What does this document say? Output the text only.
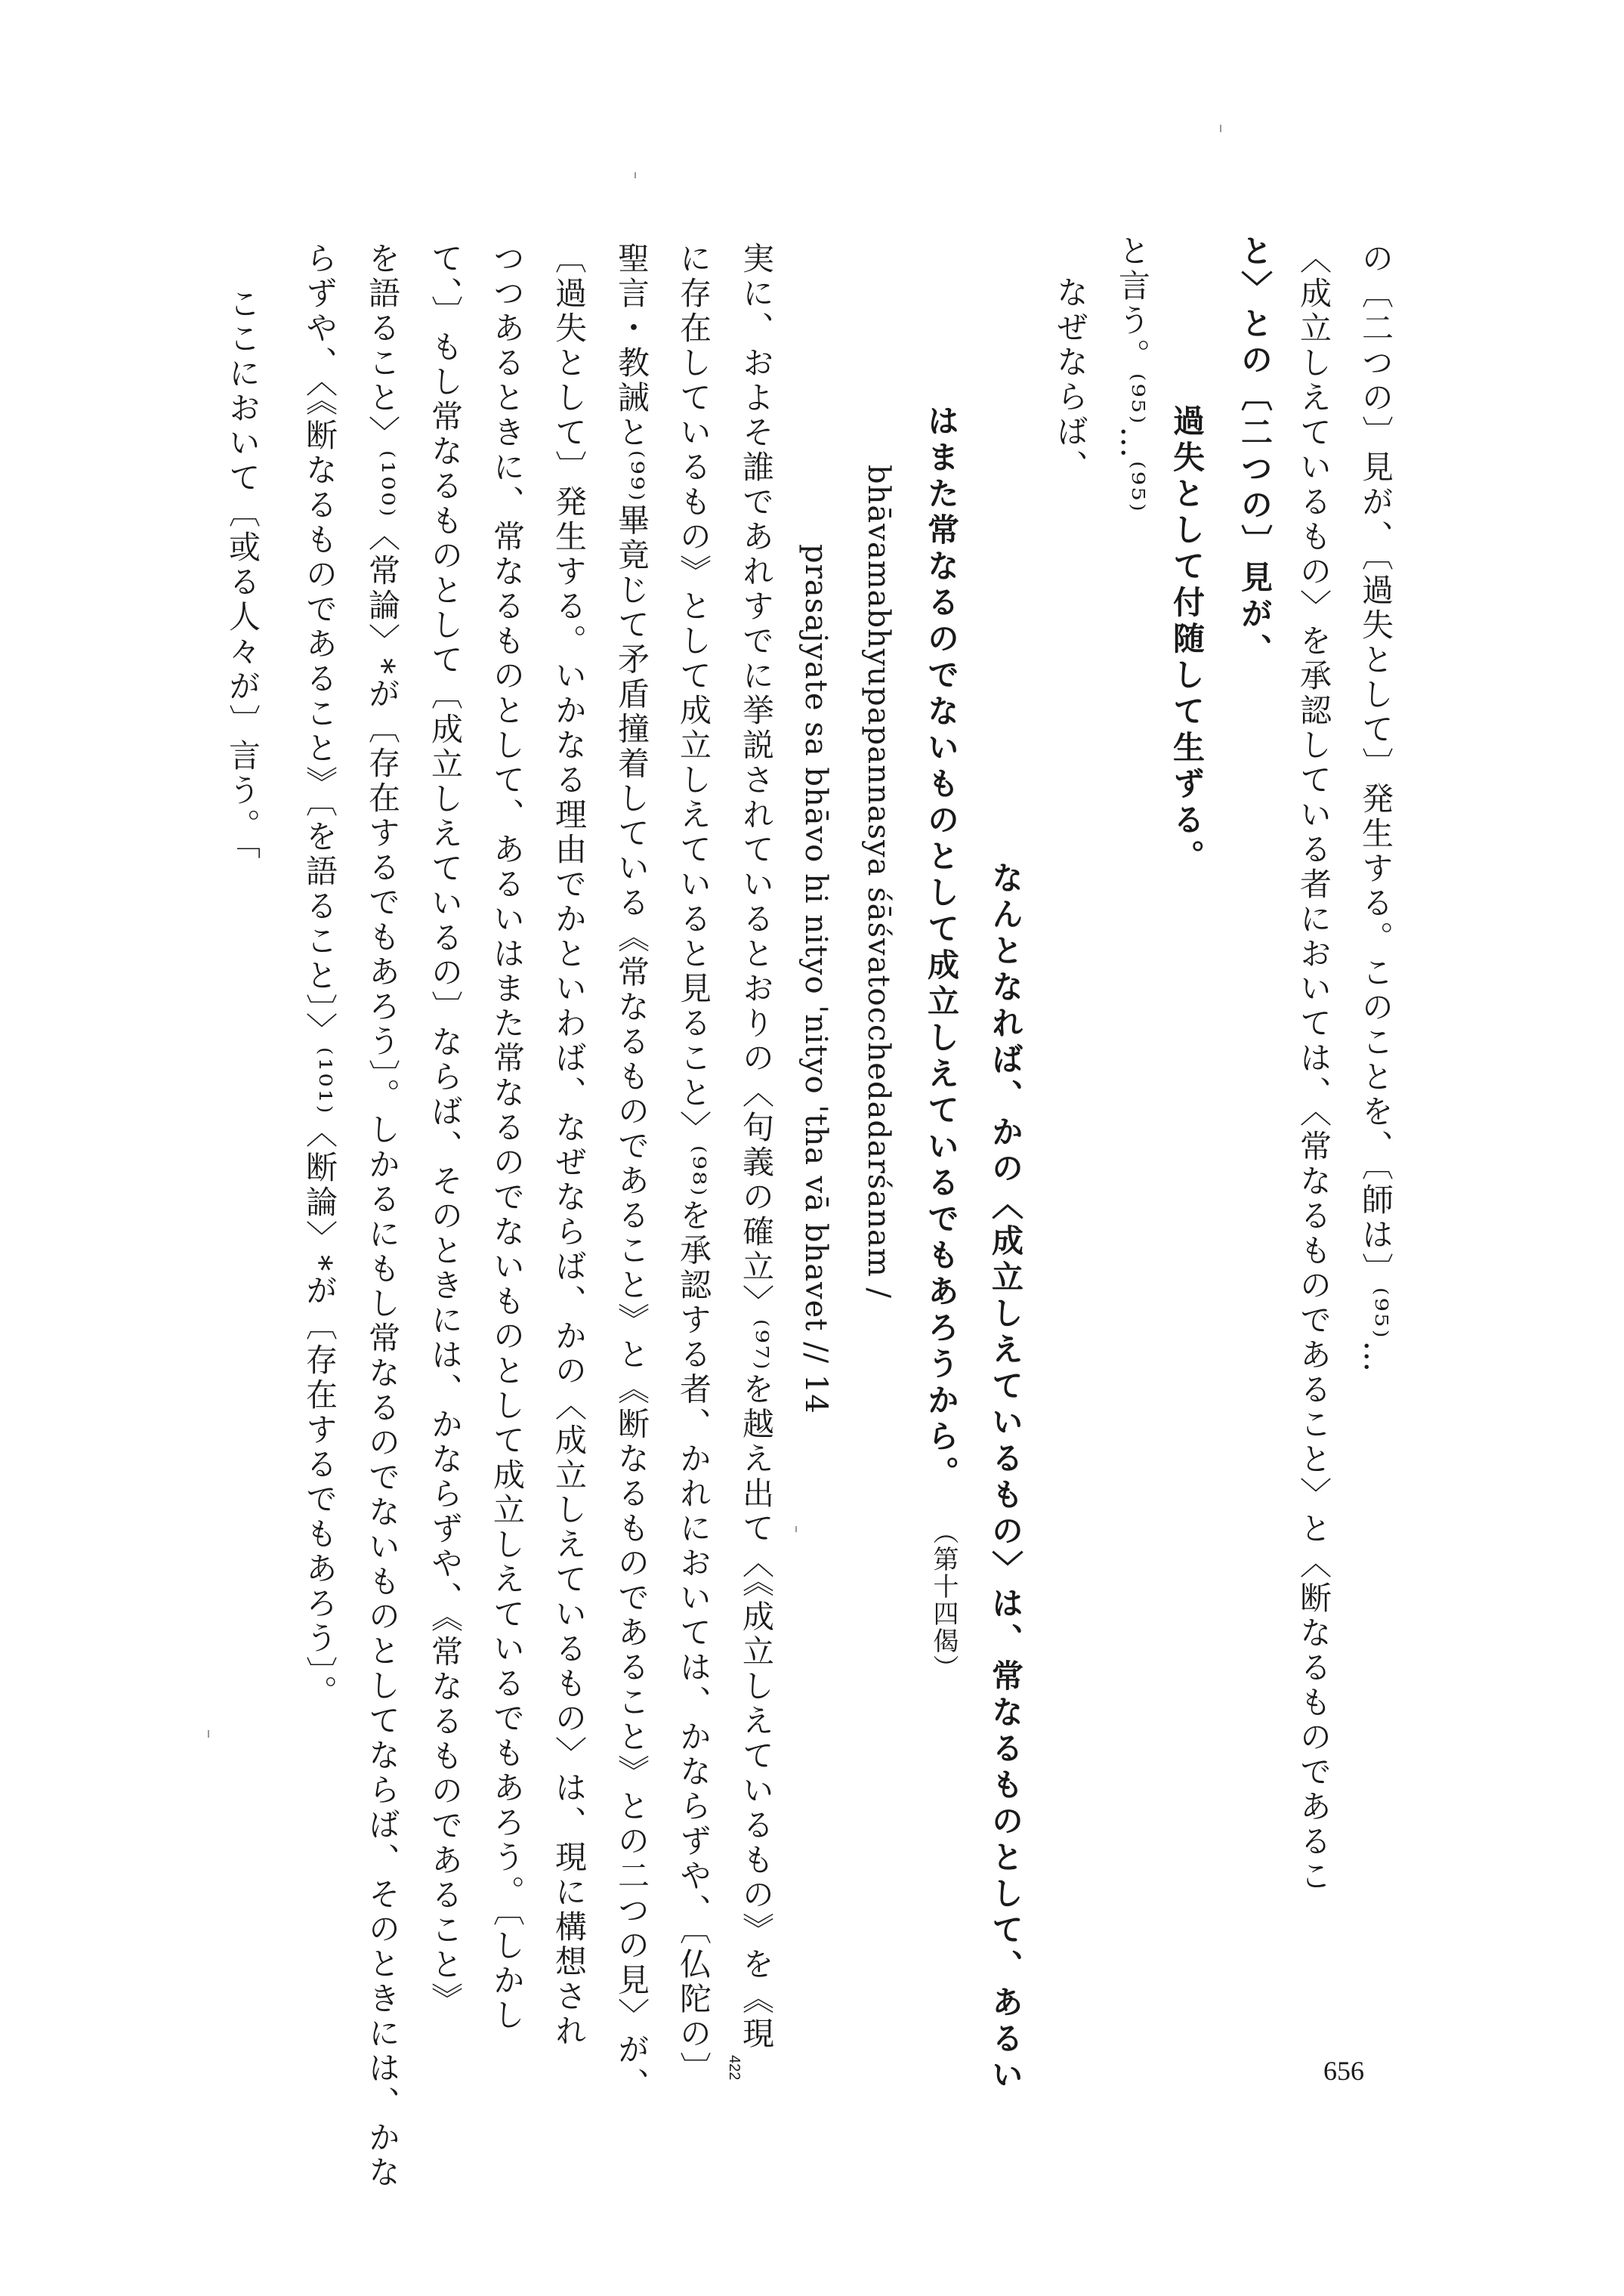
の〔二つの〕見が、〔過失として〕発生する。このことを、〔師は〕⁽⁹⁵⁾…
〈成立しえているもの〉を承認している者においては、〈常なるものであること〉と〈断なるものであるこ
と〉との〔二つの〕見が、
過失として付随して生ずる。
と言う。⁽⁹⁵⁾…⁽⁹⁵⁾
なぜならば、
なんとなれば、かの〈成立しえているもの〉は、常なるものとして、あるい
はまた常なるのでないものとして成立しえているでもあろうから。
（第十四偈）
bhāvamabhyupapannasya śāśvatocchedadarśanam /
prasajyate sa bhāvo hi nityo 'nityo 'tha vā bhavet // 14
実に、およそ誰であれすでに挙説されているとおりの〈句義の確立〉⁽⁹⁷⁾を越え出て〈《成立しえているもの》を《現
に存在しているもの》として成立しえていると見ること〉⁽⁹⁸⁾を承認する者、かれにおいては、かならずや、〔仏陀の〕
聖言・教誡と⁽⁹⁹⁾畢竟じて矛盾撞着している《常なるものであること》と《断なるものであること》との二つの見〉が、
〔過失として〕発生する。いかなる理由でかといわば、なぜならば、かの〈成立しえているもの〉は、現に構想され
つつあるときに、常なるものとして、あるいはまた常なるのでないものとして成立しえているでもあろう。〔しかし
て、〕もし常なるものとして〔成立しえているの〕ならば、そのときには、かならずや、《常なるものであること》
を語ること〉⁽¹⁰⁰⁾〈常論〉*が〔存在するでもあろう〕。しかるにもし常なるのでないものとしてならば、そのときには、かな
らずや、〈《断なるものであること》〔を語ること〕〉⁽¹⁰¹⁾〈断論〉*が〔存在するでもあろう〕。
ここにおいて〔或る人々が〕言う。「
656
422
